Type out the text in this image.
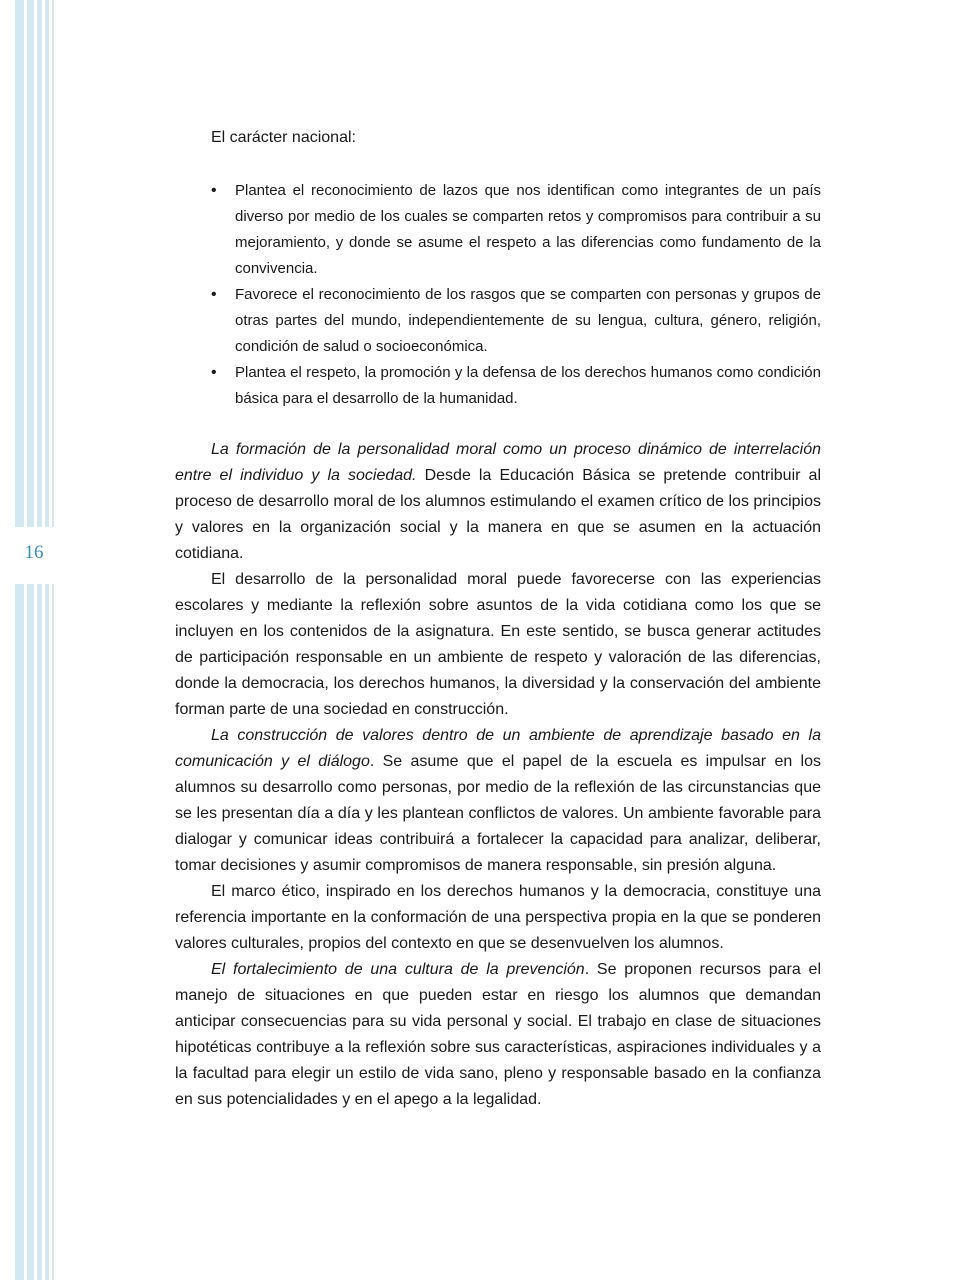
16
El carácter nacional:
• Plantea el reconocimiento de lazos que nos identifican como integrantes de un país diverso por medio de los cuales se comparten retos y compromisos para contribuir a su mejoramiento, y donde se asume el respeto a las diferencias como fundamento de la convivencia.
• Favorece el reconocimiento de los rasgos que se comparten con personas y grupos de otras partes del mundo, independientemente de su lengua, cultura, género, religión, condición de salud o socioeconómica.
• Plantea el respeto, la promoción y la defensa de los derechos humanos como condición básica para el desarrollo de la humanidad.

La formación de la personalidad moral como un proceso dinámico de interrelación entre el individuo y la sociedad. Desde la Educación Básica se pretende contribuir al proceso de desarrollo moral de los alumnos estimulando el examen crítico de los principios y valores en la organización social y la manera en que se asumen en la actuación cotidiana.

El desarrollo de la personalidad moral puede favorecerse con las experiencias escolares y mediante la reflexión sobre asuntos de la vida cotidiana como los que se incluyen en los contenidos de la asignatura. En este sentido, se busca generar actitudes de participación responsable en un ambiente de respeto y valoración de las diferencias, donde la democracia, los derechos humanos, la diversidad y la conservación del ambiente forman parte de una sociedad en construcción.

La construcción de valores dentro de un ambiente de aprendizaje basado en la comunicación y el diálogo. Se asume que el papel de la escuela es impulsar en los alumnos su desarrollo como personas, por medio de la reflexión de las circunstancias que se les presentan día a día y les plantean conflictos de valores. Un ambiente favorable para dialogar y comunicar ideas contribuirá a fortalecer la capacidad para analizar, deliberar, tomar decisiones y asumir compromisos de manera responsable, sin presión alguna.

El marco ético, inspirado en los derechos humanos y la democracia, constituye una referencia importante en la conformación de una perspectiva propia en la que se ponderen valores culturales, propios del contexto en que se desenvuelven los alumnos.

El fortalecimiento de una cultura de la prevención. Se proponen recursos para el manejo de situaciones en que pueden estar en riesgo los alumnos que demandan anticipar consecuencias para su vida personal y social. El trabajo en clase de situaciones hipotéticas contribuye a la reflexión sobre sus características, aspiraciones individuales y a la facultad para elegir un estilo de vida sano, pleno y responsable basado en la confianza en sus potencialidades y en el apego a la legalidad.
